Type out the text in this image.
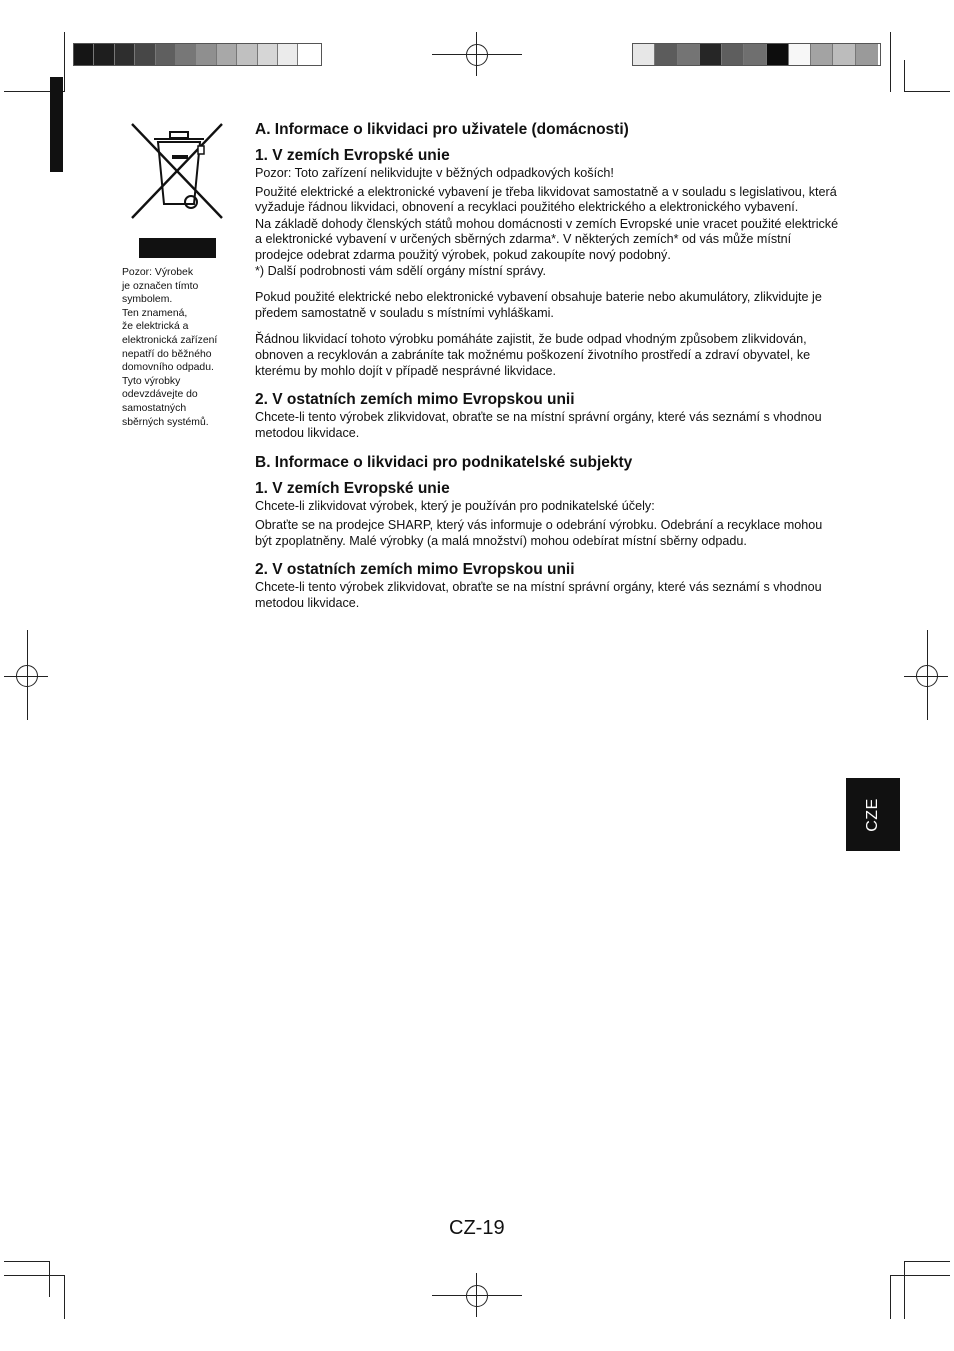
Pozor: Výrobek
je označen tímto
symbolem.
Ten znamená,
že elektrická a
elektronická zařízení
nepatří do běžného
domovního odpadu.
Tyto výrobky
odevzdávejte do
samostatných
sběrných systémů.

A. Informace o likvidaci pro uživatele (domácnosti)

1. V zemích Evropské unie

Pozor: Toto zařízení nelikvidujte v běžných odpadkových koších!

Použité elektrické a elektronické vybavení je třeba likvidovat samostatně a v souladu s legislativou, která vyžaduje řádnou likvidaci, obnovení a recyklaci použitého elektrického a elektronického vybavení.

Na základě dohody členských států mohou domácnosti v zemích Evropské unie vracet použité elektrické a elektronické vybavení v určených sběrných zdarma*. V některých zemích* od vás může místní prodejce odebrat zdarma použitý výrobek, pokud zakoupíte nový podobný.

*) Další podrobnosti vám sdělí orgány místní správy.

Pokud použité elektrické nebo elektronické vybavení obsahuje baterie nebo akumulátory, zlikvidujte je předem samostatně v souladu s místními vyhláškami.

Řádnou likvidací tohoto výrobku pomáháte zajistit, že bude odpad vhodným způsobem zlikvidován, obnoven a recyklován a zabráníte tak možnému poškození životního prostředí a zdraví obyvatel, ke kterému by mohlo dojít v případě nesprávné likvidace.

2. V ostatních zemích mimo Evropskou unii

Chcete-li tento výrobek zlikvidovat, obraťte se na místní správní orgány, které vás seznámí s vhodnou metodou likvidace.

B. Informace o likvidaci pro podnikatelské subjekty

1. V zemích Evropské unie

Chcete-li zlikvidovat výrobek, který je používán pro podnikatelské účely:

Obraťte se na prodejce SHARP, který vás informuje o odebrání výrobku. Odebrání a recyklace mohou být zpoplatněny. Malé výrobky (a malá množství) mohou odebírat místní sběrny odpadu.

2. V ostatních zemích mimo Evropskou unii

Chcete-li tento výrobek zlikvidovat, obraťte se na místní správní orgány, které vás seznámí s vhodnou metodou likvidace.

CZE
CZ-19
